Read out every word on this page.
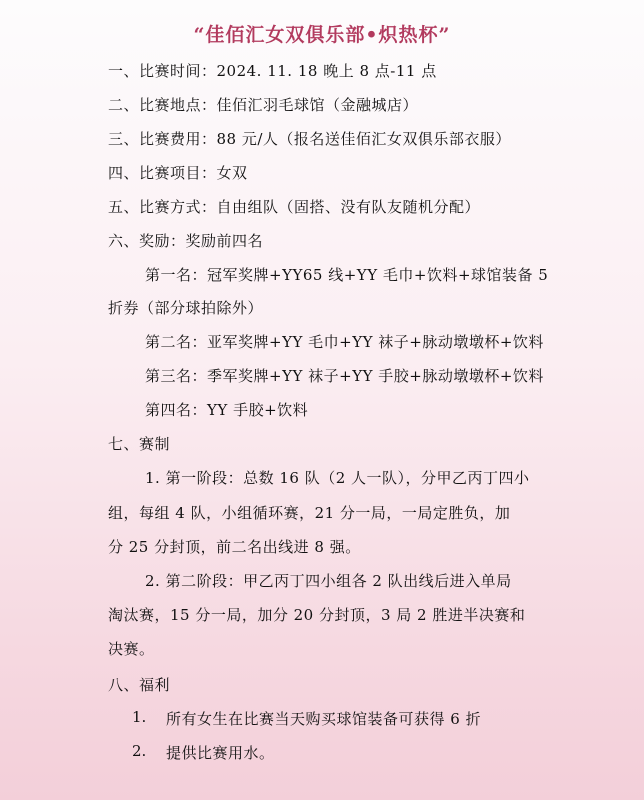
“佳佰汇女双俱乐部•炽热杯”
一、比赛时间：2024. 11. 18 晚上 8 点-11 点
二、比赛地点：佳佰汇羽毛球馆（金融城店）
三、比赛费用：88 元/人（报名送佳佰汇女双俱乐部衣服）
四、比赛项目：女双
五、比赛方式：自由组队（固搭、没有队友随机分配）
六、奖励：奖励前四名
第一名：冠军奖牌+YY65 线+YY 毛巾+饮料+球馆装备 5
折券（部分球拍除外）
第二名：亚军奖牌+YY 毛巾+YY 袜子+脉动墩墩杯+饮料
第三名：季军奖牌+YY 袜子+YY 手胶+脉动墩墩杯+饮料
第四名：YY 手胶+饮料
七、赛制
1. 第一阶段：总数 16 队（2 人一队），分甲乙丙丁四小
组，每组 4 队，小组循环赛，21 分一局，一局定胜负，加
分 25 分封顶，前二名出线进 8 强。
2. 第二阶段：甲乙丙丁四小组各 2 队出线后进入单局
淘汰赛，15 分一局，加分 20 分封顶，3 局 2 胜进半决赛和
决赛。
八、福利
1. 所有女生在比赛当天购买球馆装备可获得 6 折
2. 提供比赛用水。
